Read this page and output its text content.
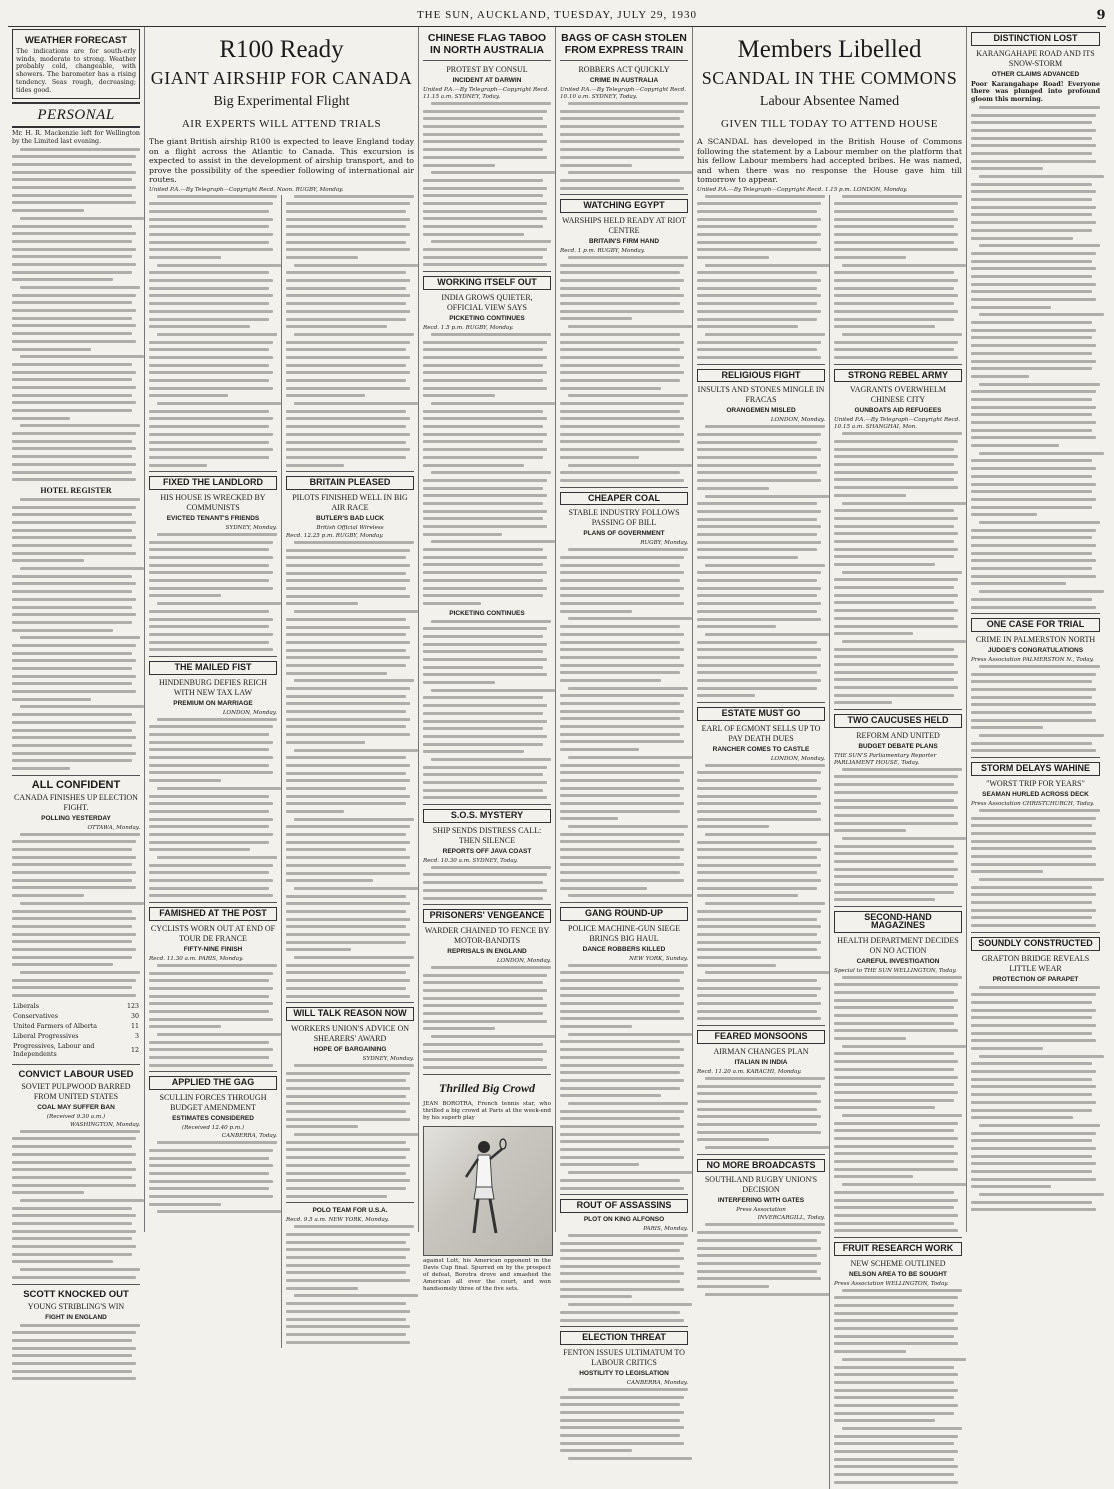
THE SUN, AUCKLAND, TUESDAY, JULY 29, 1930	9
WEATHER FORECAST
The indications are for south-erly winds, moderate to strong. Weather probably cold, changeable, with showers. The barometer has a rising tendency. Seas rough, decreasing; tides good.
PERSONAL
Mr. H. R. Mackenzie left for Wellington by the Limited last evening.
HOTEL REGISTER
ALL CONFIDENT
CANADA FINISHES UP ELECTION FIGHT.
POLLING YESTERDAY
OTTAWA, Monday.
Liberals	123
Conservatives	30
United Farmers of Alberta	11
Liberal Progressives	3
Progressives, Labour and Independents	12
CONVICT LABOUR USED
SOVIET PULPWOOD BARRED FROM UNITED STATES
COAL MAY SUFFER BAN
(Received 9.30 a.m.)
WASHINGTON, Monday.
SCOTT KNOCKED OUT
YOUNG STRIBLING'S WIN
FIGHT IN ENGLAND
R100 Ready
GIANT AIRSHIP FOR CANADA
Big Experimental Flight
AIR EXPERTS WILL ATTEND TRIALS
The giant British airship R100 is expected to leave England today on a flight across the Atlantic to Canada. This excursion is expected to assist in the development of airship transport, and to prove the possibility of the speedier following of international air routes.
United P.A.—By Telegraph—Copyright Recd. Noon. RUGBY, Monday.
FIXED THE LANDLORD
HIS HOUSE IS WRECKED BY COMMUNISTS
EVICTED TENANT'S FRIENDS
SYDNEY, Monday.
THE MAILED FIST
HINDENBURG DEFIES REICH WITH NEW TAX LAW
PREMIUM ON MARRIAGE
LONDON, Monday.
FAMISHED AT THE POST
CYCLISTS WORN OUT AT END OF TOUR DE FRANCE
FIFTY-NINE FINISH
Recd. 11.30 a.m. PARIS, Monday.
APPLIED THE GAG
SCULLIN FORCES THROUGH BUDGET AMENDMENT
ESTIMATES CONSIDERED
(Received 12.40 p.m.)
CANBERRA, Today.
BRITAIN PLEASED
PILOTS FINISHED WELL IN BIG AIR RACE
BUTLER'S BAD LUCK
British Official Wireless
Recd. 12.25 p.m. RUGBY, Monday.
WILL TALK REASON NOW
WORKERS UNION'S ADVICE ON SHEARERS' AWARD
HOPE OF BARGAINING
SYDNEY, Monday.
POLO TEAM FOR U.S.A.
Recd. 9.5 a.m. NEW YORK, Monday.
CHINESE FLAG TABOO IN NORTH AUSTRALIA
PROTEST BY CONSUL
INCIDENT AT DARWIN
United P.A.—By Telegraph—Copyright Recd. 11.15 a.m. SYDNEY, Today.
WORKING ITSELF OUT
INDIA GROWS QUIETER, OFFICIAL VIEW SAYS
PICKETING CONTINUES
Recd. 1.5 p.m. RUGBY, Monday.
PICKETING CONTINUES
S.O.S. MYSTERY
SHIP SENDS DISTRESS CALL: THEN SILENCE
REPORTS OFF JAVA COAST
Recd. 10.30 a.m. SYDNEY, Today.
PRISONERS' VENGEANCE
WARDER CHAINED TO FENCE BY MOTOR-BANDITS
REPRISALS IN ENGLAND
LONDON, Monday.
Thrilled Big Crowd
JEAN BOROTRA, French tennis star, who thrilled a big crowd at Paris at the week-end by his superb play
against Lott, his American opponent in the Davis Cup final. Spurred on by the prospect of defeat, Borotra drove and smashed the American all over the court, and won handsomely three of the five sets.
BAGS OF CASH STOLEN FROM EXPRESS TRAIN
ROBBERS ACT QUICKLY
CRIME IN AUSTRALIA
United P.A.—By Telegraph—Copyright Recd. 10.10 a.m. SYDNEY, Today.
WATCHING EGYPT
WARSHIPS HELD READY AT RIOT CENTRE
BRITAIN'S FIRM HAND
Recd. 1 p.m. RUGBY, Monday.
CHEAPER COAL
STABLE INDUSTRY FOLLOWS PASSING OF BILL
PLANS OF GOVERNMENT
RUGBY, Monday.
GANG ROUND-UP
POLICE MACHINE-GUN SIEGE BRINGS BIG HAUL
DANCE ROBBERS KILLED
NEW YORK, Sunday.
ROUT OF ASSASSINS
PLOT ON KING ALFONSO
PARIS, Monday.
ELECTION THREAT
FENTON ISSUES ULTIMATUM TO LABOUR CRITICS
HOSTILITY TO LEGISLATION
CANBERRA, Monday.
Members Libelled
SCANDAL IN THE COMMONS
Labour Absentee Named
GIVEN TILL TODAY TO ATTEND HOUSE
A SCANDAL has developed in the British House of Commons following the statement by a Labour member on the platform that his fellow Labour members had accepted bribes. He was named, and when there was no response the House gave him till tomorrow to appear.
United P.A.—By Telegraph—Copyright Recd. 1.15 p.m. LONDON, Monday.
RELIGIOUS FIGHT
INSULTS AND STONES MINGLE IN FRACAS
ORANGEMEN MISLED
LONDON, Monday.
ESTATE MUST GO
EARL OF EGMONT SELLS UP TO PAY DEATH DUES
RANCHER COMES TO CASTLE
LONDON, Monday.
FEARED MONSOONS
AIRMAN CHANGES PLAN
ITALIAN IN INDIA
Recd. 11.20 a.m. KARACHI, Monday.
NO MORE BROADCASTS
SOUTHLAND RUGBY UNION'S DECISION
INTERFERING WITH GATES
Press Association
INVERCARGILL, Today.
STRONG REBEL ARMY
VAGRANTS OVERWHELM CHINESE CITY
GUNBOATS AID REFUGEES
United P.A.—By Telegraph—Copyright Recd. 10.15 a.m. SHANGHAI, Mon.
TWO CAUCUSES HELD
REFORM AND UNITED
BUDGET DEBATE PLANS
THE SUN'S Parliamentary Reporter PARLIAMENT HOUSE, Today.
SECOND-HAND MAGAZINES
HEALTH DEPARTMENT DECIDES ON NO ACTION
CAREFUL INVESTIGATION
Special to THE SUN WELLINGTON, Today.
FRUIT RESEARCH WORK
NEW SCHEME OUTLINED
NELSON AREA TO BE SOUGHT
Press Association WELLINGTON, Today.
DISTINCTION LOST
KARANGAHAPE ROAD AND ITS SNOW-STORM
OTHER CLAIMS ADVANCED
Poor Karangahape Road! Everyone there was plunged into profound gloom this morning.
ONE CASE FOR TRIAL
CRIME IN PALMERSTON NORTH
JUDGE'S CONGRATULATIONS
Press Association PALMERSTON N., Today.
STORM DELAYS WAHINE
"WORST TRIP FOR YEARS"
SEAMAN HURLED ACROSS DECK
Press Association CHRISTCHURCH, Today.
SOUNDLY CONSTRUCTED
GRAFTON BRIDGE REVEALS LITTLE WEAR
PROTECTION OF PARAPET
